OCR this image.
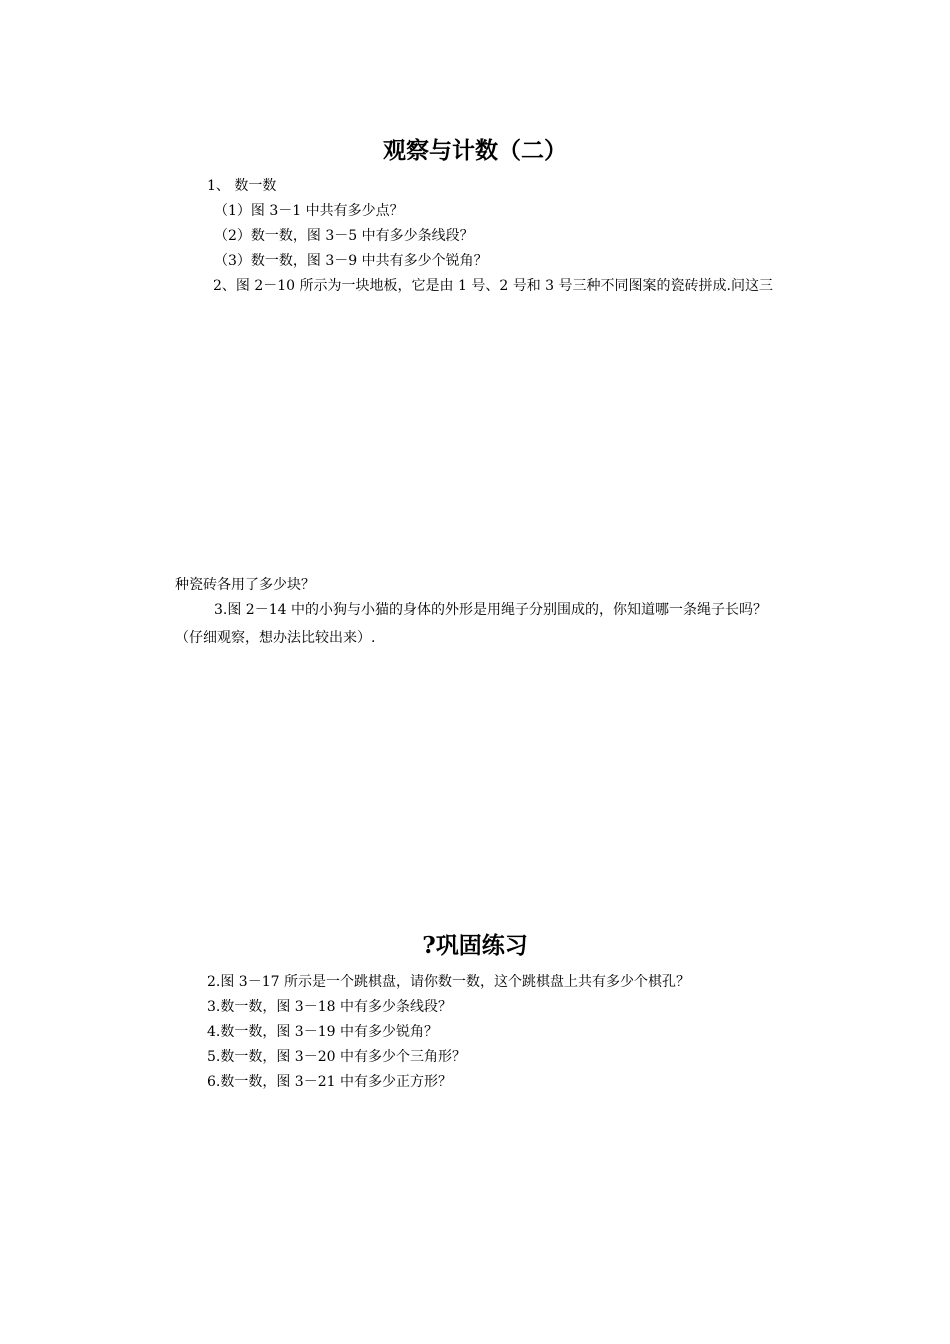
观察与计数（二）
1、 数一数
（1）图 3－1 中共有多少点？
（2）数一数，图 3－5 中有多少条线段？
（3）数一数，图 3－9 中共有多少个锐角？
2、图 2－10 所示为一块地板，它是由 1 号、2 号和 3 号三种不同图案的瓷砖拼成.问这三
种瓷砖各用了多少块？
3.图 2－14 中的小狗与小猫的身体的外形是用绳子分别围成的，你知道哪一条绳子长吗？
（仔细观察，想办法比较出来）.
?巩固练习
2.图 3－17 所示是一个跳棋盘，请你数一数，这个跳棋盘上共有多少个棋孔？
3.数一数，图 3－18 中有多少条线段？
4.数一数，图 3－19 中有多少锐角？
5.数一数，图 3－20 中有多少个三角形？
6.数一数，图 3－21 中有多少正方形？
